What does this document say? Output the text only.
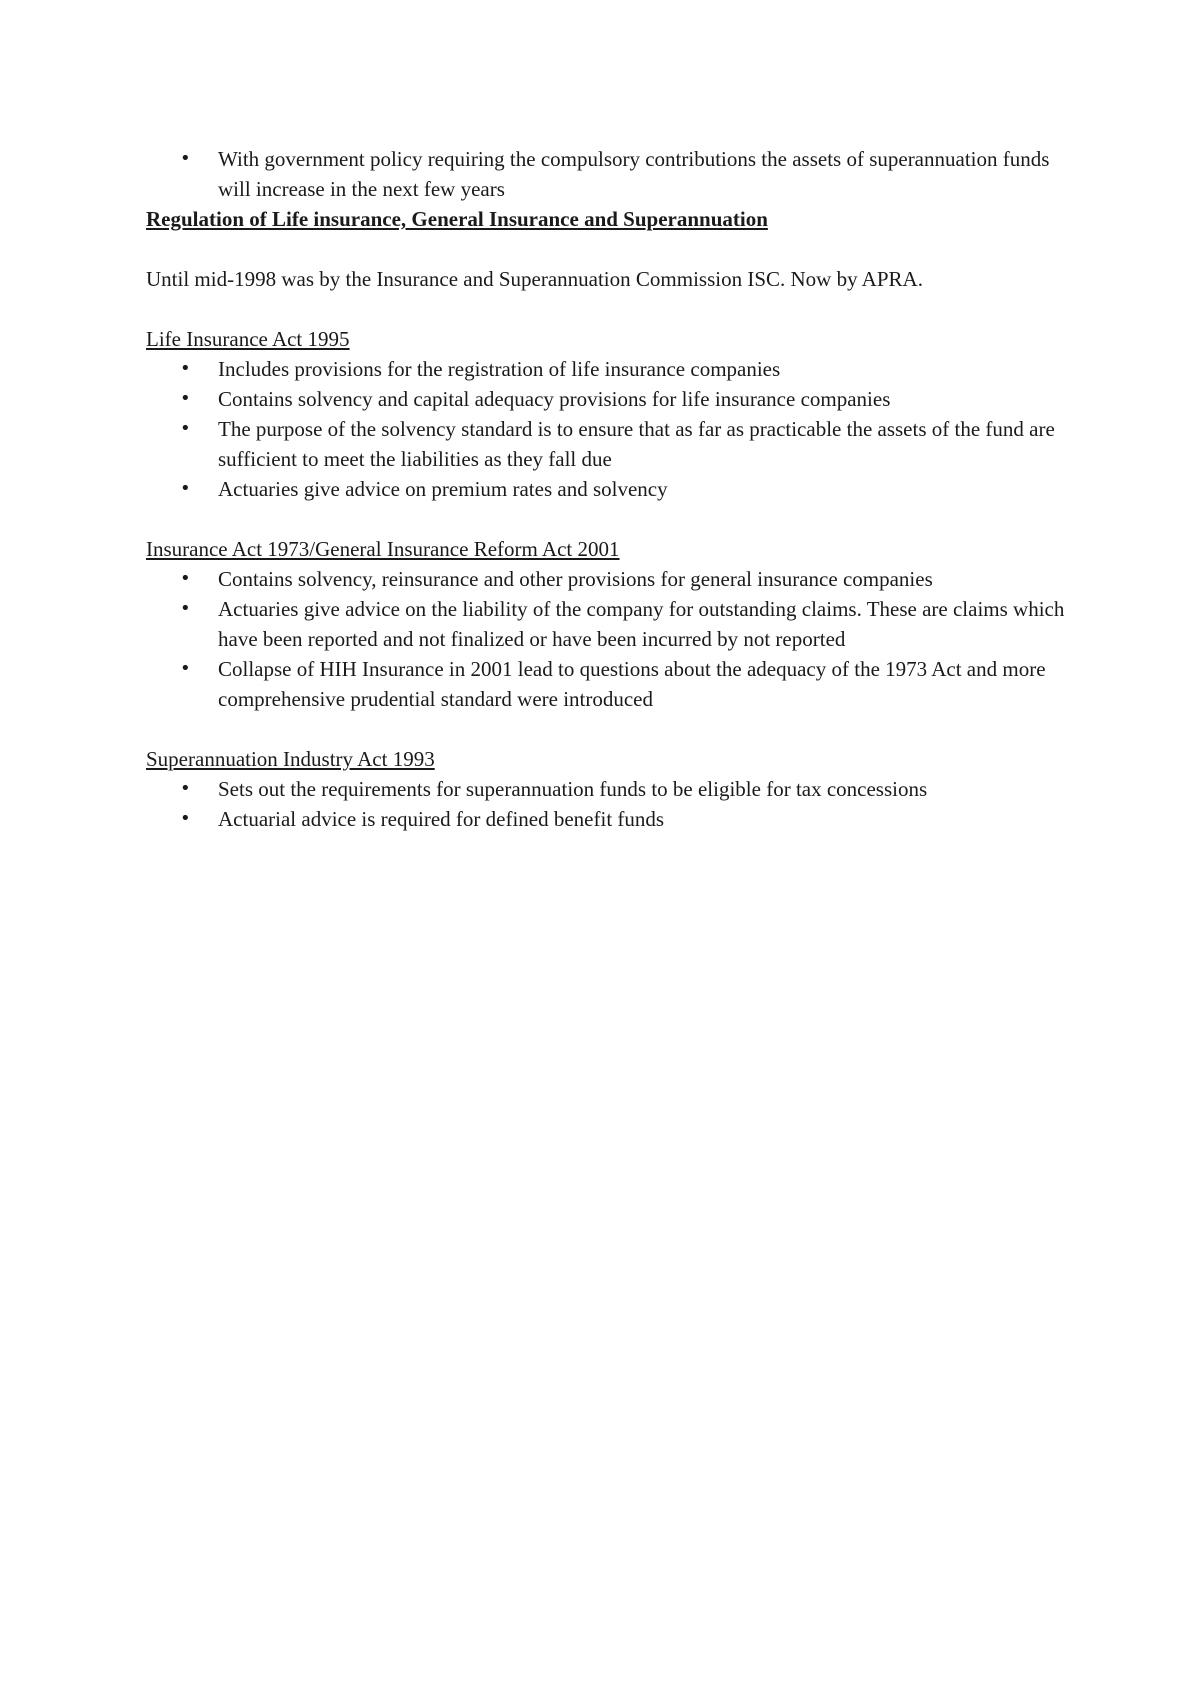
• With government policy requiring the compulsory contributions the assets of superannuation funds will increase in the next few years

Regulation of Life insurance, General Insurance and Superannuation

Until mid-1998 was by the Insurance and Superannuation Commission ISC. Now by APRA.

Life Insurance Act 1995

• Includes provisions for the registration of life insurance companies
• Contains solvency and capital adequacy provisions for life insurance companies
• The purpose of the solvency standard is to ensure that as far as practicable the assets of the fund are sufficient to meet the liabilities as they fall due
• Actuaries give advice on premium rates and solvency

Insurance Act 1973/General Insurance Reform Act 2001

• Contains solvency, reinsurance and other provisions for general insurance companies
• Actuaries give advice on the liability of the company for outstanding claims. These are claims which have been reported and not finalized or have been incurred by not reported
• Collapse of HIH Insurance in 2001 lead to questions about the adequacy of the 1973 Act and more comprehensive prudential standard were introduced

Superannuation Industry Act 1993

• Sets out the requirements for superannuation funds to be eligible for tax concessions
• Actuarial advice is required for defined benefit funds
